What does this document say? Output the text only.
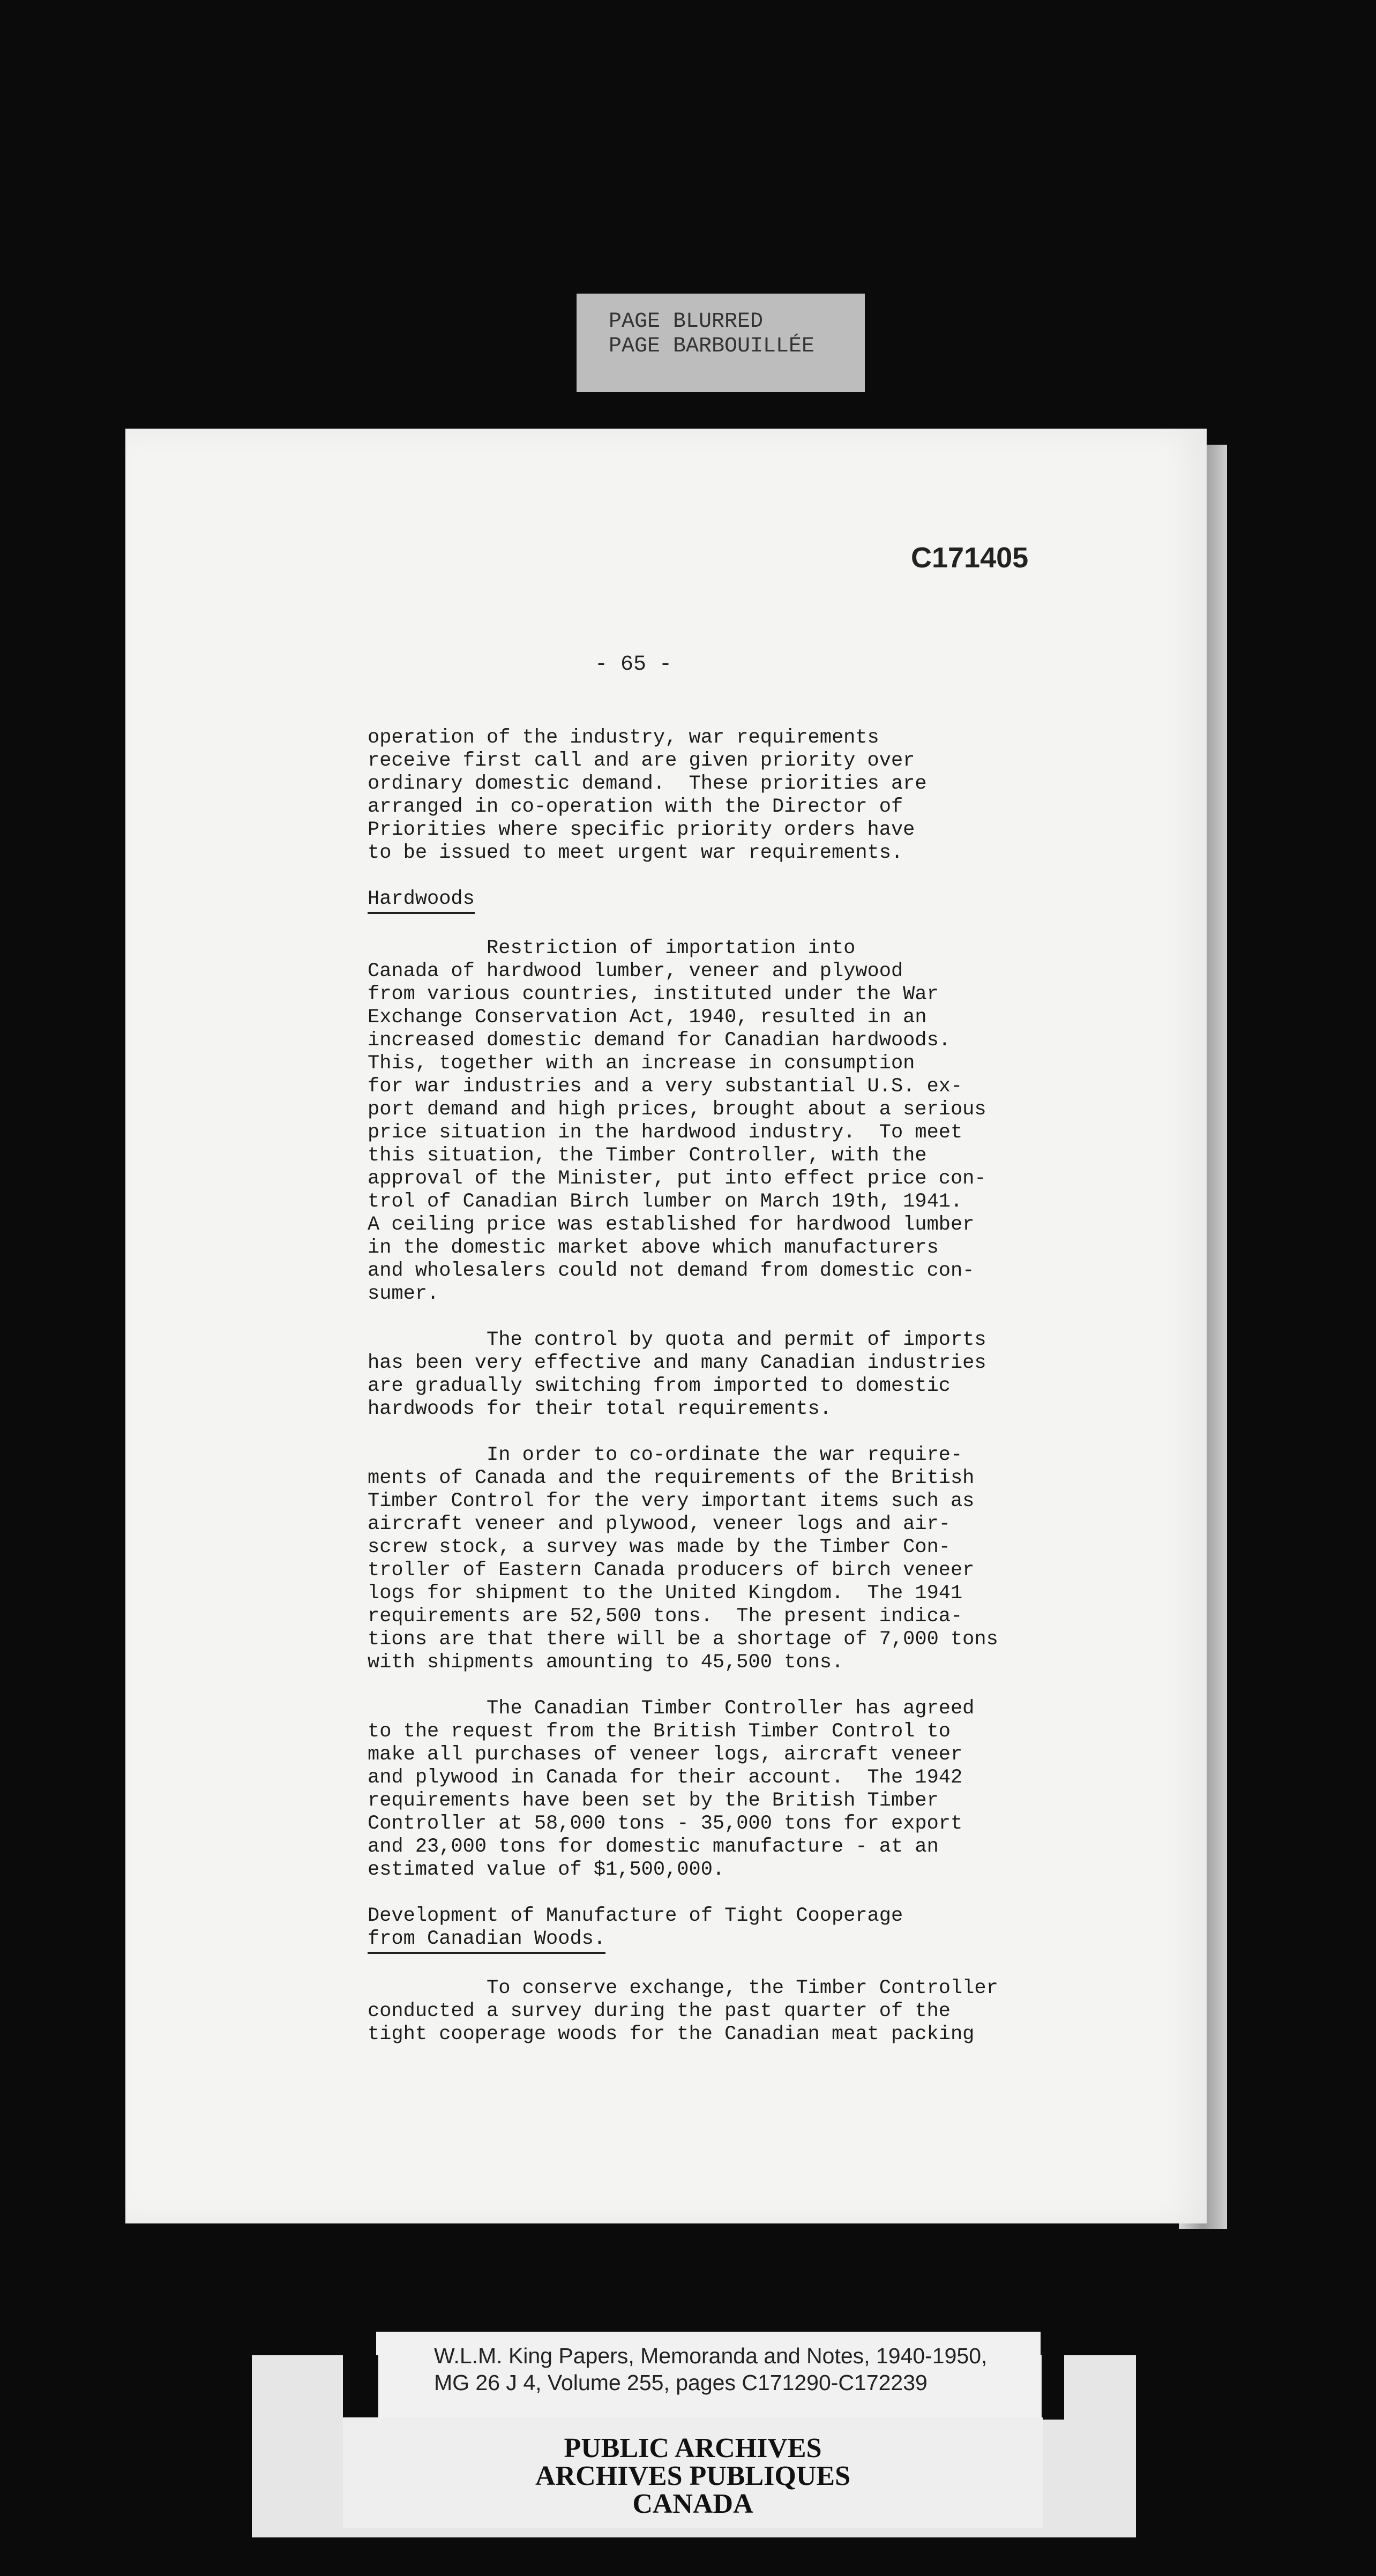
PAGE BLURRED
PAGE BARBOUILLÉE
C171405
- 65 -
operation of the industry, war requirements
receive first call and are given priority over
ordinary domestic demand.  These priorities are
arranged in co-operation with the Director of
Priorities where specific priority orders have
to be issued to meet urgent war requirements.
Hardwoods
Restriction of importation into
Canada of hardwood lumber, veneer and plywood
from various countries, instituted under the War
Exchange Conservation Act, 1940, resulted in an
increased domestic demand for Canadian hardwoods.
This, together with an increase in consumption
for war industries and a very substantial U.S. ex-
port demand and high prices, brought about a serious
price situation in the hardwood industry.  To meet
this situation, the Timber Controller, with the
approval of the Minister, put into effect price con-
trol of Canadian Birch lumber on March 19th, 1941.
A ceiling price was established for hardwood lumber
in the domestic market above which manufacturers
and wholesalers could not demand from domestic con-
sumer.
The control by quota and permit of imports
has been very effective and many Canadian industries
are gradually switching from imported to domestic
hardwoods for their total requirements.
In order to co-ordinate the war require-
ments of Canada and the requirements of the British
Timber Control for the very important items such as
aircraft veneer and plywood, veneer logs and air-
screw stock, a survey was made by the Timber Con-
troller of Eastern Canada producers of birch veneer
logs for shipment to the United Kingdom.  The 1941
requirements are 52,500 tons.  The present indica-
tions are that there will be a shortage of 7,000 tons
with shipments amounting to 45,500 tons.
The Canadian Timber Controller has agreed
to the request from the British Timber Control to
make all purchases of veneer logs, aircraft veneer
and plywood in Canada for their account.  The 1942
requirements have been set by the British Timber
Controller at 58,000 tons - 35,000 tons for export
and 23,000 tons for domestic manufacture - at an
estimated value of $1,500,000.
Development of Manufacture of Tight Cooperage
from Canadian Woods.
To conserve exchange, the Timber Controller
conducted a survey during the past quarter of the
tight cooperage woods for the Canadian meat packing
W.L.M. King Papers, Memoranda and Notes, 1940-1950,
MG 26 J 4, Volume 255, pages C171290-C172239
PUBLIC ARCHIVES
ARCHIVES PUBLIQUES
CANADA
